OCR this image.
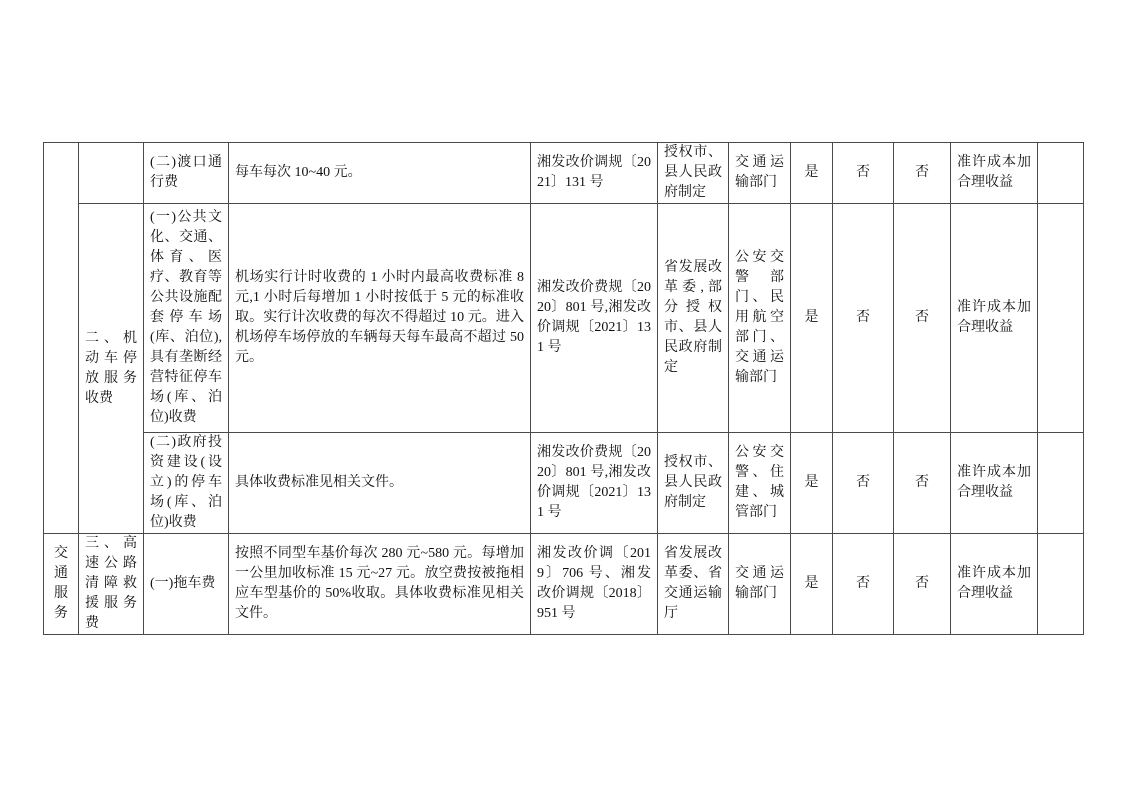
		(二)渡口通行费	每车每次 10~40 元。	湘发改价调规〔2021〕131 号	授权市、县人民政府制定	交通运输部门	是	否	否	准许成本加合理收益	
	二、机动车停放服务收费	(一)公共文化、交通、体育、医疗、教育等公共设施配套停车场(库、泊位),具有垄断经营特征停车场(库、泊位)收费	机场实行计时收费的 1 小时内最高收费标准 8 元,1 小时后每增加 1 小时按低于 5 元的标准收取。实行计次收费的每次不得超过 10 元。进入机场停车场停放的车辆每天每车最高不超过 50 元。	湘发改价费规〔2020〕801 号,湘发改价调规〔2021〕131 号	省发展改革委,部分授权市、县人民政府制定	公安交警部门、民用航空部门、交通运输部门	是	否	否	准许成本加合理收益	
		(二)政府投资建设(设立)的停车场(库、泊位)收费	具体收费标准见相关文件。	湘发改价费规〔2020〕801 号,湘发改价调规〔2021〕131 号	授权市、县人民政府制定	公安交警、住建、城管部门	是	否	否	准许成本加合理收益	
交通服务	三、高速公路清障救援服务费	(一)拖车费	按照不同型车基价每次 280 元~580 元。每增加一公里加收标准 15 元~27 元。放空费按被拖相应车型基价的 50%收取。具体收费标准见相关文件。	湘发改价调〔2019〕706 号、湘发改价调规〔2018〕951 号	省发展改革委、省交通运输厅	交通运输部门	是	否	否	准许成本加合理收益	
